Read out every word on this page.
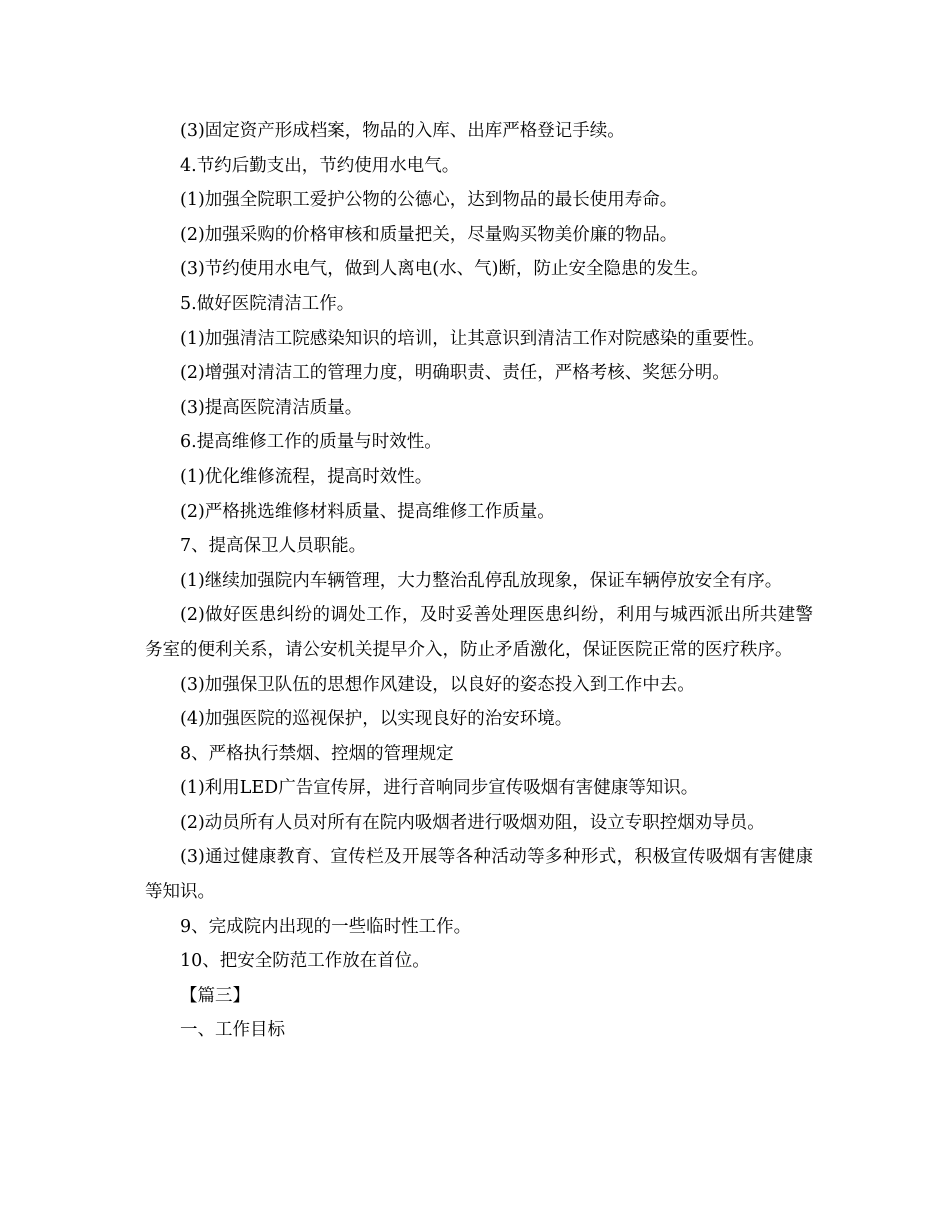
(3)固定资产形成档案，物品的入库、出库严格登记手续。

4.节约后勤支出，节约使用水电气。

(1)加强全院职工爱护公物的公德心，达到物品的最长使用寿命。

(2)加强采购的价格审核和质量把关，尽量购买物美价廉的物品。

(3)节约使用水电气，做到人离电(水、气)断，防止安全隐患的发生。

5.做好医院清洁工作。

(1)加强清洁工院感染知识的培训，让其意识到清洁工作对院感染的重要性。

(2)增强对清洁工的管理力度，明确职责、责任，严格考核、奖惩分明。

(3)提高医院清洁质量。

6.提高维修工作的质量与时效性。

(1)优化维修流程，提高时效性。

(2)严格挑选维修材料质量、提高维修工作质量。

7、提高保卫人员职能。

(1)继续加强院内车辆管理，大力整治乱停乱放现象，保证车辆停放安全有序。

(2)做好医患纠纷的调处工作，及时妥善处理医患纠纷，利用与城西派出所共建警务室的便利关系，请公安机关提早介入，防止矛盾激化，保证医院正常的医疗秩序。

(3)加强保卫队伍的思想作风建设，以良好的姿态投入到工作中去。

(4)加强医院的巡视保护，以实现良好的治安环境。

8、严格执行禁烟、控烟的管理规定

(1)利用LED广告宣传屏，进行音响同步宣传吸烟有害健康等知识。

(2)动员所有人员对所有在院内吸烟者进行吸烟劝阻，设立专职控烟劝导员。

(3)通过健康教育、宣传栏及开展等各种活动等多种形式，积极宣传吸烟有害健康等知识。

9、完成院内出现的一些临时性工作。

10、把安全防范工作放在首位。

【篇三】

一、工作目标
